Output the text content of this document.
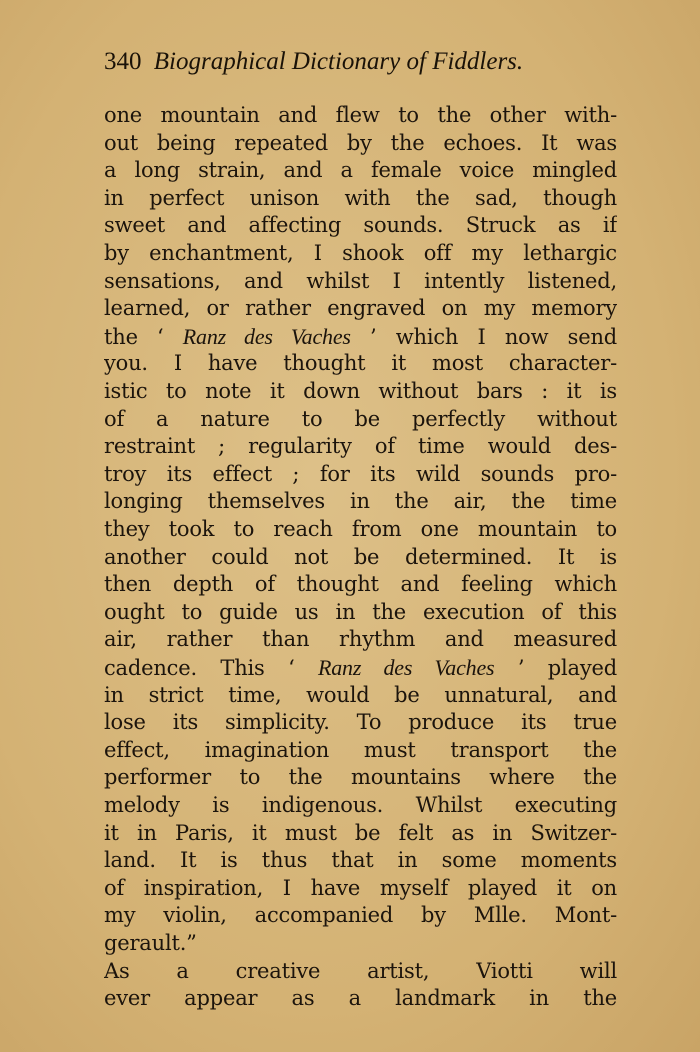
340 Biographical Dictionary of Fiddlers.
one mountain and flew to the other with-
out being repeated by the echoes. It was
a long strain, and a female voice mingled
in perfect unison with the sad, though
sweet and affecting sounds. Struck as if
by enchantment, I shook off my lethargic
sensations, and whilst I intently listened,
learned, or rather engraved on my memory
the ‘ Ranz des Vaches ’ which I now send
you. I have thought it most character-
istic to note it down without bars : it is
of a nature to be perfectly without
restraint ; regularity of time would des-
troy its effect ; for its wild sounds pro-
longing themselves in the air, the time
they took to reach from one mountain to
another could not be determined. It is
then depth of thought and feeling which
ought to guide us in the execution of this
air, rather than rhythm and measured
cadence. This ‘ Ranz des Vaches ’ played
in strict time, would be unnatural, and
lose its simplicity. To produce its true
effect, imagination must transport the
performer to the mountains where the
melody is indigenous. Whilst executing
it in Paris, it must be felt as in Switzer-
land. It is thus that in some moments
of inspiration, I have myself played it on
my violin, accompanied by Mlle. Mont-
gerault.”
As a creative artist, Viotti will
ever appear as a landmark in the
